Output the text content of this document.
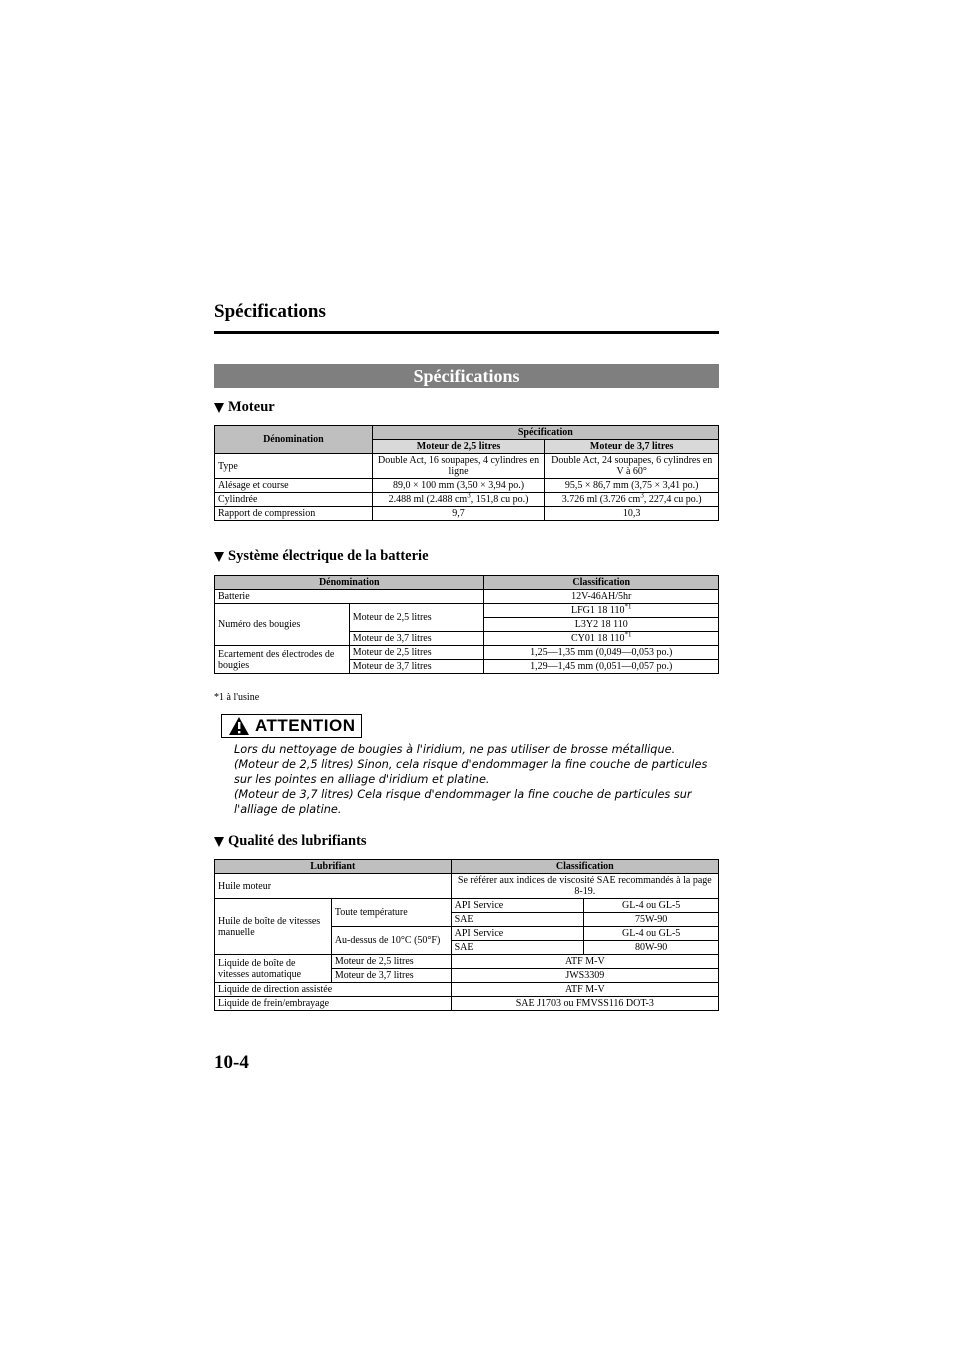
Spécifications
Spécifications
Moteur
Dénomination	Spécification	
	Moteur de 2,5 litres	Moteur de 3,7 litres
Type	Double Act, 16 soupapes, 4 cylindres en ligne	Double Act, 24 soupapes, 6 cylindres en V à 60°
Alésage et course	89,0 × 100 mm (3,50 × 3,94 po.)	95,5 × 86,7 mm (3,75 × 3,41 po.)
Cylindrée	2.488 ml (2.488 $cm^3$, 151,8 cu po.)	3.726 ml (3.726 $cm^3$, 227,4 cu po.)
Rapport de compression	9,7	10,3
Système électrique de la batterie
Dénomination		Classification
Batterie		12V-46AH/5hr
Numéro des bougies	Moteur de 2,5 litres	LFG1 18 110$^{*1}$
		L3Y2 18 110
	Moteur de 3,7 litres	CY01 18 110$^{*1}$
Ecartement des électrodes de bougies	Moteur de 2,5 litres	1,25—1,35 mm (0,049—0,053 po.)
	Moteur de 3,7 litres	1,29—1,45 mm (0,051—0,057 po.)
*1 à l'usine
ATTENTION
Lors du nettoyage de bougies à l'iridium, ne pas utiliser de brosse métallique.
(Moteur de 2,5 litres) Sinon, cela risque d'endommager la fine couche de particules
sur les pointes en alliage d'iridium et platine.
(Moteur de 3,7 litres) Cela risque d'endommager la fine couche de particules sur
l'alliage de platine.
Qualité des lubrifiants
Lubrifiant		Classification	
Huile moteur		Se référer aux indices de viscosité SAE recommandés à la page 8-19.	
Huile de boîte de vitesses manuelle	Toute température	API Service	GL-4 ou GL-5
		SAE	75W-90
	Au-dessus de 10°C (50°F)	API Service	GL-4 ou GL-5
		SAE	80W-90
Liquide de boîte de vitesses automatique	Moteur de 2,5 litres	ATF M-V	
	Moteur de 3,7 litres	JWS3309	
Liquide de direction assistée		ATF M-V	
Liquide de frein/embrayage		SAE J1703 ou FMVSS116 DOT-3	
10-4
